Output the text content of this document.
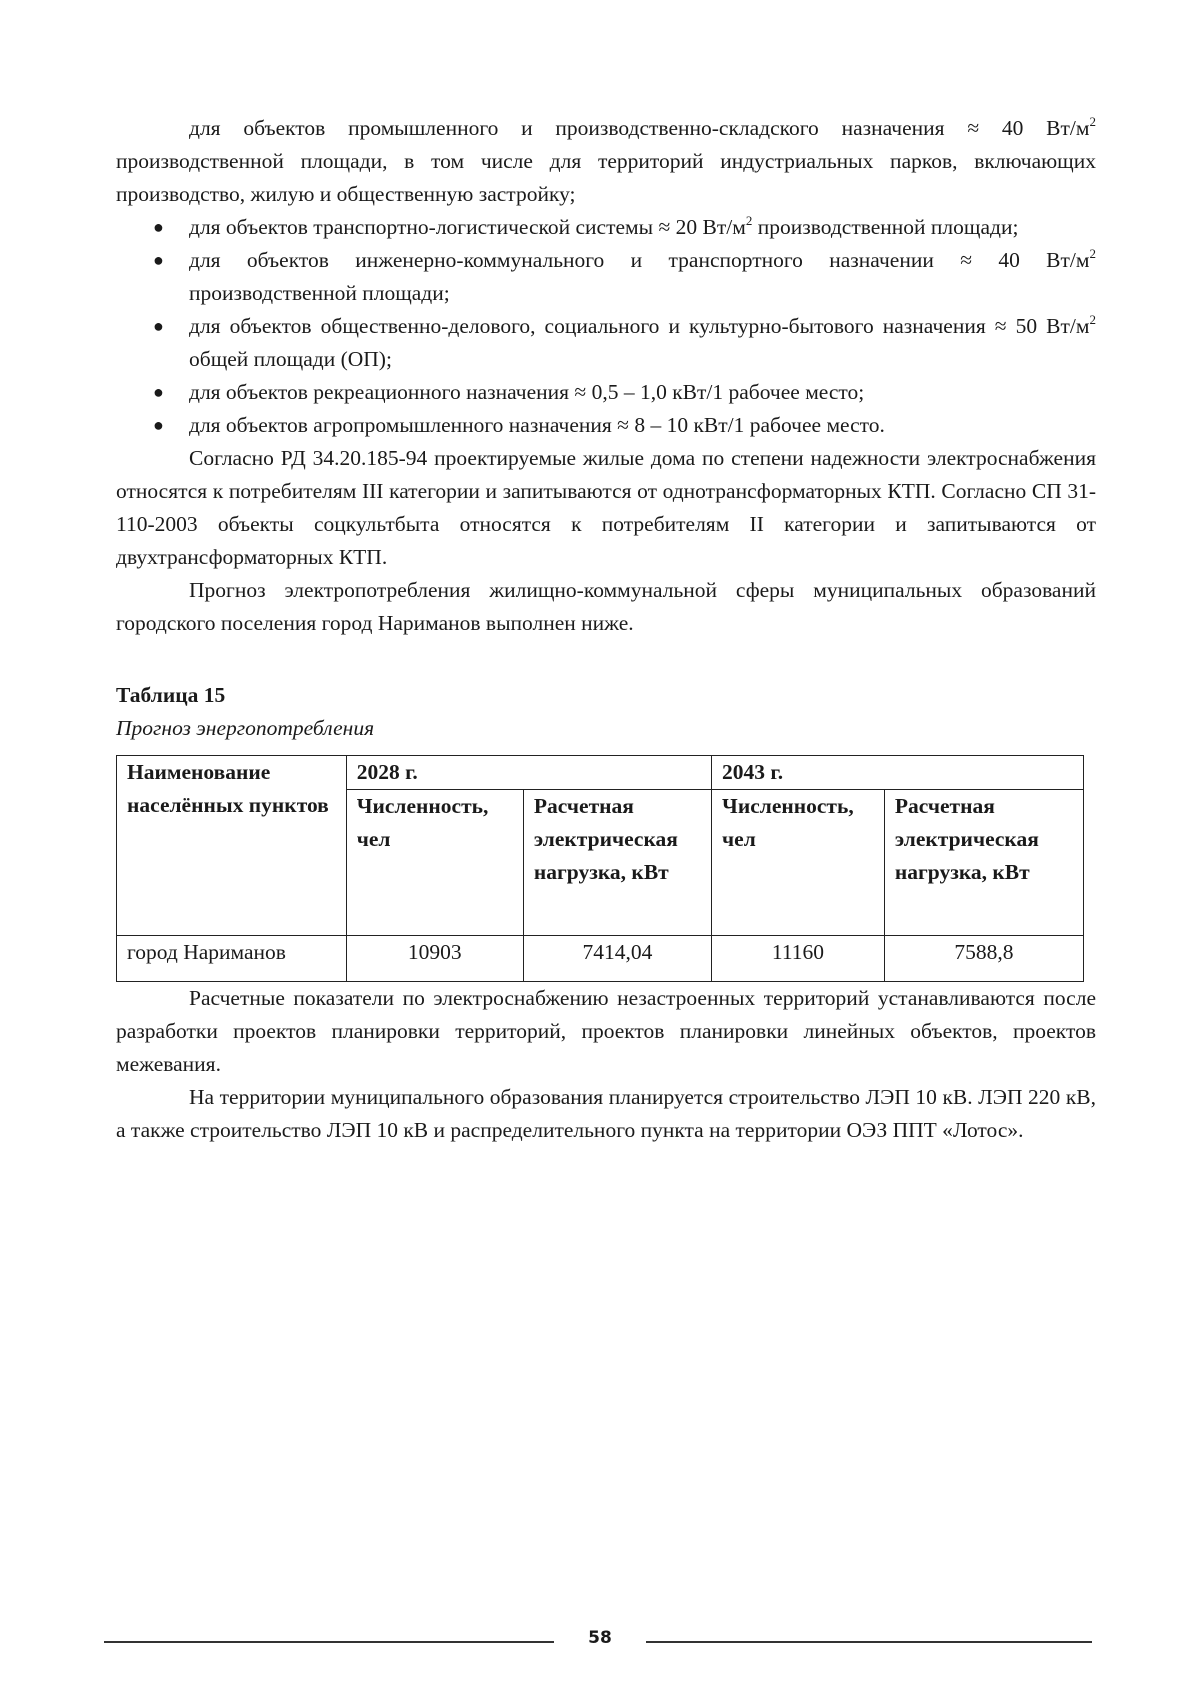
для объектов промышленного и производственно-складского назначения ≈ 40 $Вт/м^2$ производственной площади, в том числе для территорий индустриальных парков, включающих производство, жилую и общественную застройку;

● для объектов транспортно-логистической системы ≈ 20 $Вт/м^2$ производственной площади;
● для объектов инженерно-коммунального и транспортного назначении ≈ 40 $Вт/м^2$ производственной площади;
● для объектов общественно-делового, социального и культурно-бытового назначения ≈ 50 $Вт/м^2$ общей площади (ОП);
● для объектов рекреационного назначения ≈ 0,5 – 1,0 кВт/1 рабочее место;
● для объектов агропромышленного назначения ≈ 8 – 10 кВт/1 рабочее место.

Согласно РД 34.20.185-94 проектируемые жилые дома по степени надежности электроснабжения относятся к потребителям III категории и запитываются от однотрансформаторных КТП. Согласно СП 31-110-2003 объекты соцкультбыта относятся к потребителям II категории и запитываются от двухтрансформаторных КТП.

Прогноз электропотребления жилищно-коммунальной сферы муниципальных образований городского поселения город Нариманов выполнен ниже.

Таблица 15

Прогноз энергопотребления

Наименование населённых пунктов	2028 г.		2043 г.	
	Численность, чел	Расчетная электрическая нагрузка, кВт	Численность, чел	Расчетная электрическая нагрузка, кВт
город Нариманов	10903	7414,04	11160	7588,8

Расчетные показатели по электроснабжению незастроенных территорий устанавливаются после разработки проектов планировки территорий, проектов планировки линейных объектов, проектов межевания.

На территории муниципального образования планируется строительство ЛЭП 10 кВ. ЛЭП 220 кВ, а также строительство ЛЭП 10 кВ и распределительного пункта на территории ОЭЗ ППТ «Лотос».

58
